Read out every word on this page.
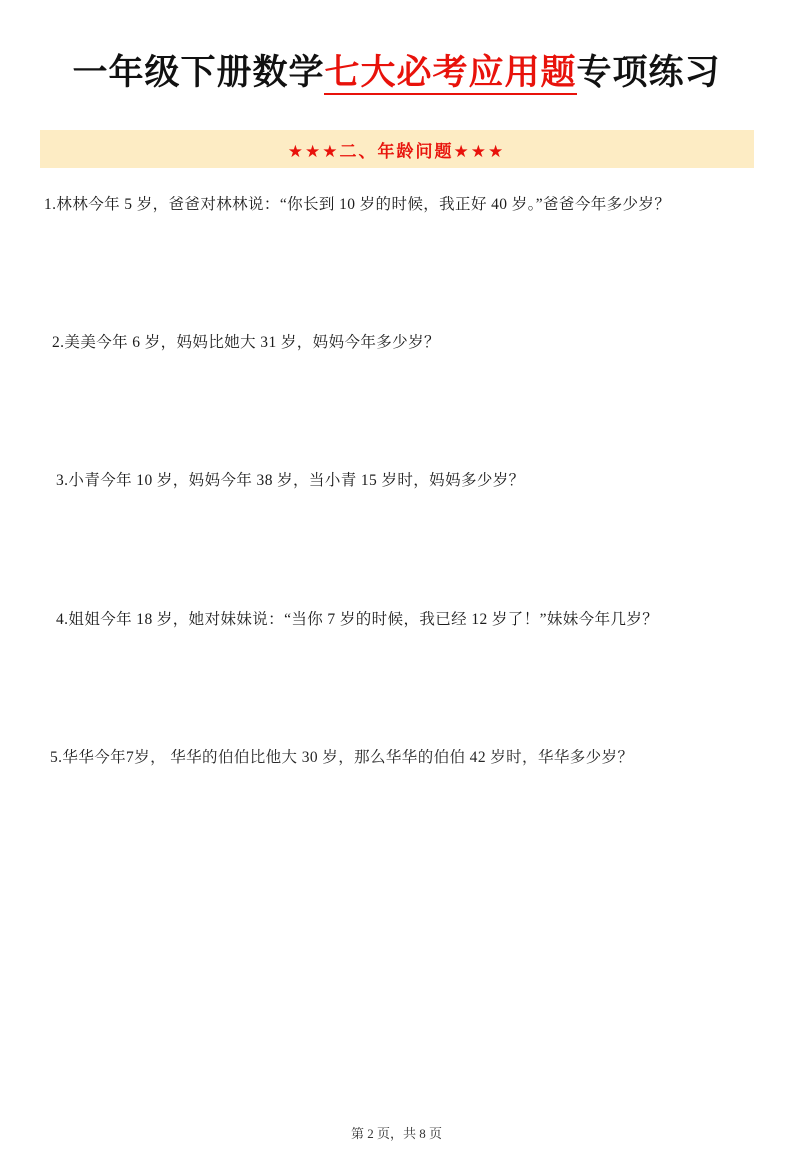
一年级下册数学七大必考应用题专项练习
★★★二、年龄问题★★★

1.林林今年 5 岁，爸爸对林林说：“你长到 10 岁的时候，我正好 40 岁。”爸爸今年多少岁？

2.美美今年 6 岁，妈妈比她大 31 岁，妈妈今年多少岁？

3.小青今年 10 岁，妈妈今年 38 岁，当小青 15 岁时，妈妈多少岁？

4.姐姐今年 18 岁，她对妹妹说：“当你 7 岁的时候，我已经 12 岁了！”妹妹今年几岁？

5.华华今年7岁， 华华的伯伯比他大 30 岁，那么华华的伯伯 42 岁时，华华多少岁？

第 2 页，共 8 页
